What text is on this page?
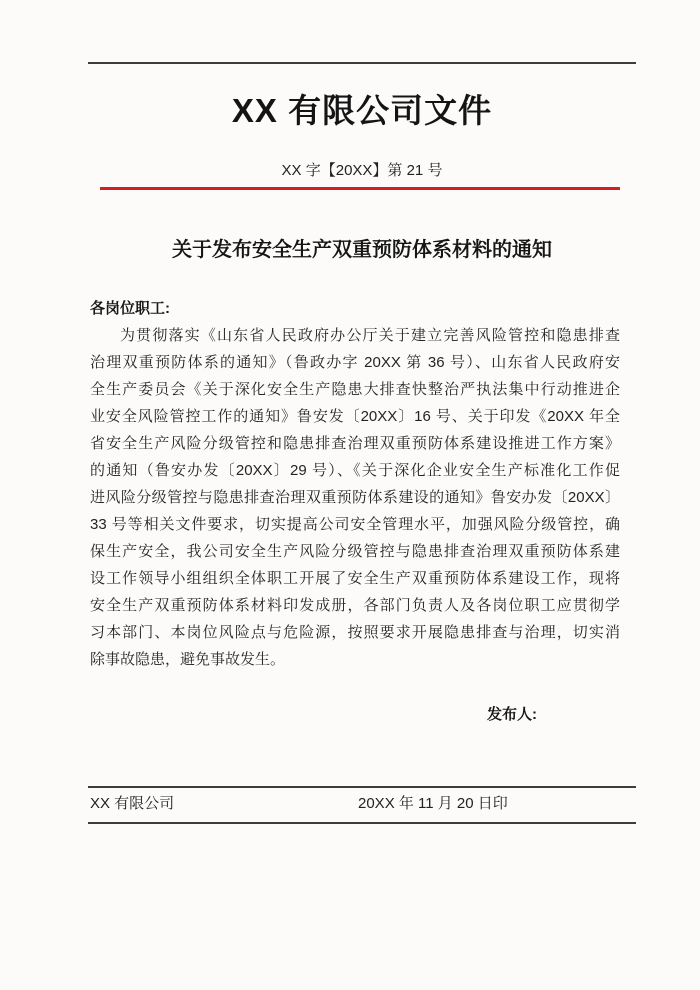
XX 有限公司文件
XX 字【20XX】第 21 号
关于发布安全生产双重预防体系材料的通知
各岗位职工:
为贯彻落实《山东省人民政府办公厅关于建立完善风险管控和隐患排查
治理双重预防体系的通知》（鲁政办字 20XX 第 36 号）、山东省人民政府安
全生产委员会《关于深化安全生产隐患大排查快整治严执法集中行动推进企
业安全风险管控工作的通知》鲁安发〔20XX〕16 号、关于印发《20XX 年全
省安全生产风险分级管控和隐患排查治理双重预防体系建设推进工作方案》
的通知（鲁安办发〔20XX〕29 号）、《关于深化企业安全生产标准化工作促
进风险分级管控与隐患排查治理双重预防体系建设的通知》鲁安办发〔20XX〕
33 号等相关文件要求，切实提高公司安全管理水平，加强风险分级管控，确
保生产安全，我公司安全生产风险分级管控与隐患排查治理双重预防体系建
设工作领导小组组织全体职工开展了安全生产双重预防体系建设工作，现将
安全生产双重预防体系材料印发成册，各部门负责人及各岗位职工应贯彻学
习本部门、本岗位风险点与危险源，按照要求开展隐患排查与治理，切实消
除事故隐患，避免事故发生。
发布人:
XX 有限公司	20XX 年 11 月 20 日印
